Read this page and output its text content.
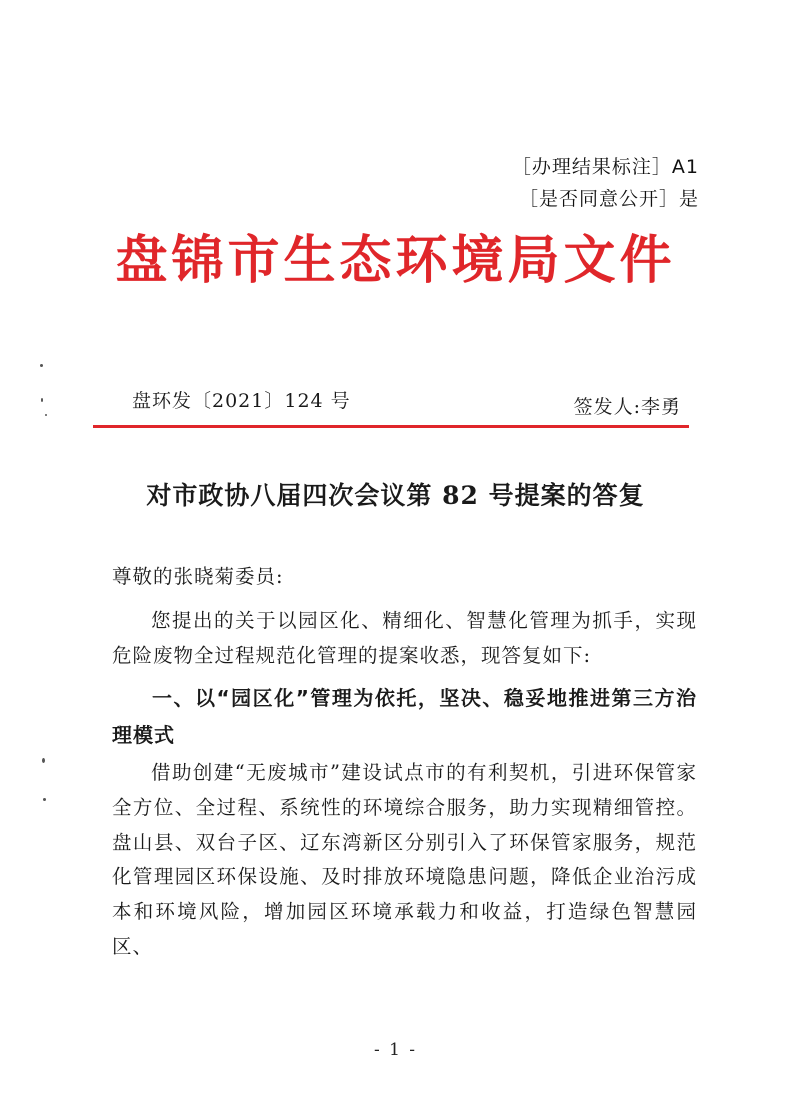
［办理结果标注］A1
［是否同意公开］是
盘锦市生态环境局文件
盘环发〔2021〕124 号	签发人:李勇
对市政协八届四次会议第 82 号提案的答复
尊敬的张晓菊委员:
您提出的关于以园区化、精细化、智慧化管理为抓手，实现危险废物全过程规范化管理的提案收悉，现答复如下:
一、以“园区化”管理为依托，坚决、稳妥地推进第三方治理模式
借助创建“无废城市”建设试点市的有利契机，引进环保管家全方位、全过程、系统性的环境综合服务，助力实现精细管控。盘山县、双台子区、辽东湾新区分别引入了环保管家服务，规范化管理园区环保设施、及时排放环境隐患问题，降低企业治污成本和环境风险，增加园区环境承载力和收益，打造绿色智慧园区、
- 1 -
